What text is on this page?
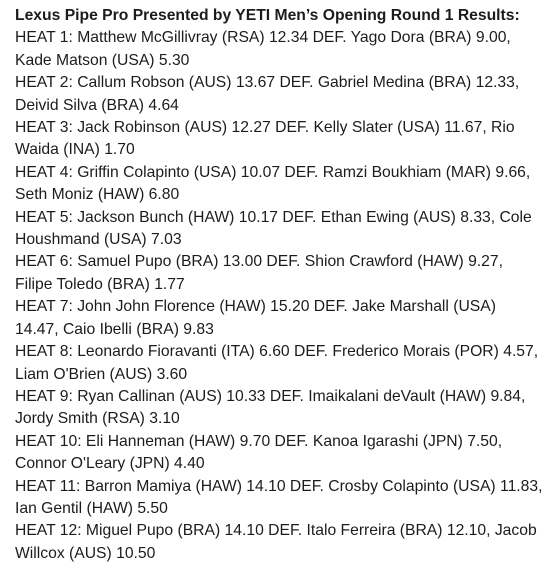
Lexus Pipe Pro Presented by YETI Men’s Opening Round 1 Results:

HEAT 1: Matthew McGillivray (RSA) 12.34 DEF. Yago Dora (BRA) 9.00, Kade Matson (USA) 5.30

HEAT 2: Callum Robson (AUS) 13.67 DEF. Gabriel Medina (BRA) 12.33, Deivid Silva (BRA) 4.64

HEAT 3: Jack Robinson (AUS) 12.27 DEF. Kelly Slater (USA) 11.67, Rio Waida (INA) 1.70

HEAT 4: Griffin Colapinto (USA) 10.07 DEF. Ramzi Boukhiam (MAR) 9.66, Seth Moniz (HAW) 6.80

HEAT 5: Jackson Bunch (HAW) 10.17 DEF. Ethan Ewing (AUS) 8.33, Cole Houshmand (USA) 7.03

HEAT 6: Samuel Pupo (BRA) 13.00 DEF. Shion Crawford (HAW) 9.27, Filipe Toledo (BRA) 1.77

HEAT 7: John John Florence (HAW) 15.20 DEF. Jake Marshall (USA) 14.47, Caio Ibelli (BRA) 9.83

HEAT 8: Leonardo Fioravanti (ITA) 6.60 DEF. Frederico Morais (POR) 4.57, Liam O'Brien (AUS) 3.60

HEAT 9: Ryan Callinan (AUS) 10.33 DEF. Imaikalani deVault (HAW) 9.84, Jordy Smith (RSA) 3.10

HEAT 10: Eli Hanneman (HAW) 9.70 DEF. Kanoa Igarashi (JPN) 7.50, Connor O'Leary (JPN) 4.40

HEAT 11: Barron Mamiya (HAW) 14.10 DEF. Crosby Colapinto (USA) 11.83, Ian Gentil (HAW) 5.50

HEAT 12: Miguel Pupo (BRA) 14.10 DEF. Italo Ferreira (BRA) 12.10, Jacob Willcox (AUS) 10.50
